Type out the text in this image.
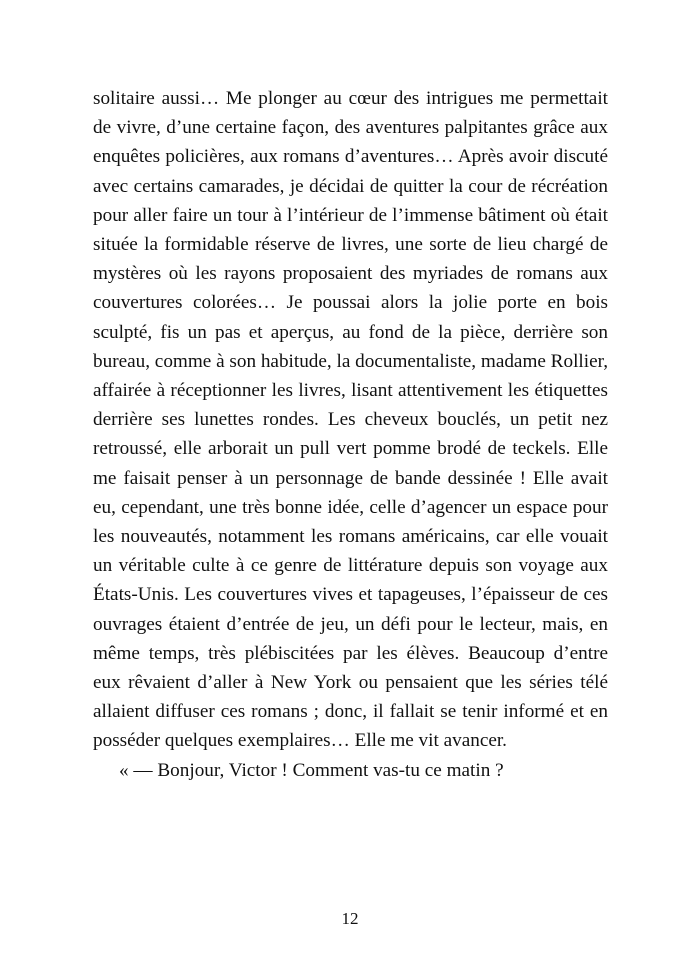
solitaire aussi… Me plonger au cœur des intrigues me permettait de vivre, d’une certaine façon, des aventures palpitantes grâce aux enquêtes policières, aux romans d’aventures… Après avoir discuté avec certains camarades, je décidai de quitter la cour de récréation pour aller faire un tour à l’intérieur de l’immense bâtiment où était située la formidable réserve de livres, une sorte de lieu chargé de mystères où les rayons proposaient des myriades de romans aux couvertures colorées… Je poussai alors la jolie porte en bois sculpté, fis un pas et aperçus, au fond de la pièce, derrière son bureau, comme à son habitude, la documentaliste, madame Rollier, affairée à réceptionner les livres, lisant attentivement les étiquettes derrière ses lunettes rondes. Les cheveux bouclés, un petit nez retroussé, elle arborait un pull vert pomme brodé de teckels. Elle me faisait penser à un personnage de bande dessinée ! Elle avait eu, cependant, une très bonne idée, celle d’agencer un espace pour les nouveautés, notamment les romans américains, car elle vouait un véritable culte à ce genre de littérature depuis son voyage aux États-Unis. Les couvertures vives et tapageuses, l’épaisseur de ces ouvrages étaient d’entrée de jeu, un défi pour le lecteur, mais, en même temps, très plébiscitées par les élèves. Beaucoup d’entre eux rêvaient d’aller à New York ou pensaient que les séries télé allaient diffuser ces romans ; donc, il fallait se tenir informé et en posséder quelques exemplaires… Elle me vit avancer.

« — Bonjour, Victor ! Comment vas-tu ce matin ?

12
